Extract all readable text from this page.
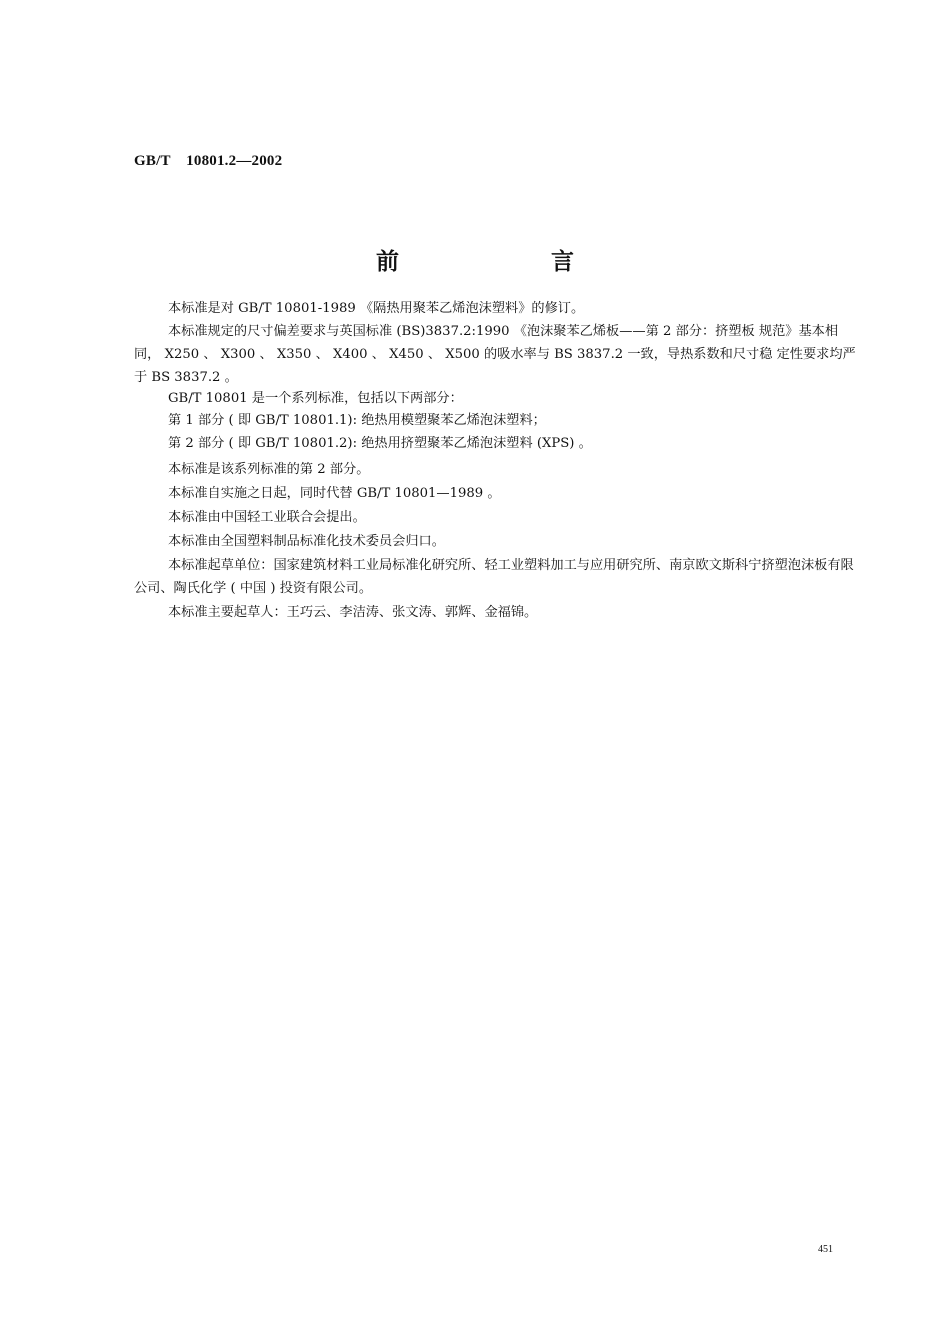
GB/T    10801.2—2002
前 言

本标准是对 GB/T 10801-1989 《隔热用聚苯乙烯泡沫塑料》的修订。

本标准规定的尺寸偏差要求与英国标准 (BS)3837.2:1990 《泡沫聚苯乙烯板——第 2 部分：挤塑板 规范》基本相同， X250 、 X300 、 X350 、 X400 、 X450 、 X500 的吸水率与 BS 3837.2 一致，导热系数和尺寸稳 定性要求均严于 BS 3837.2 。

GB/T 10801 是一个系列标准，包括以下两部分：

第 1 部分 ( 即 GB/T 10801.1): 绝热用模塑聚苯乙烯泡沫塑料；

第 2 部分 ( 即 GB/T 10801.2): 绝热用挤塑聚苯乙烯泡沫塑料 (XPS) 。

本标准是该系列标准的第 2 部分。

本标准自实施之日起，同时代替 GB/T 10801—1989 。

本标准由中国轻工业联合会提出。

本标准由全国塑料制品标准化技术委员会归口。

本标准起草单位：国家建筑材料工业局标准化研究所、轻工业塑料加工与应用研究所、南京欧文斯科宁挤塑泡沫板有限公司、陶氏化学 ( 中国 ) 投资有限公司。

本标准主要起草人：王巧云、李洁涛、张文涛、郭辉、金福锦。

451
